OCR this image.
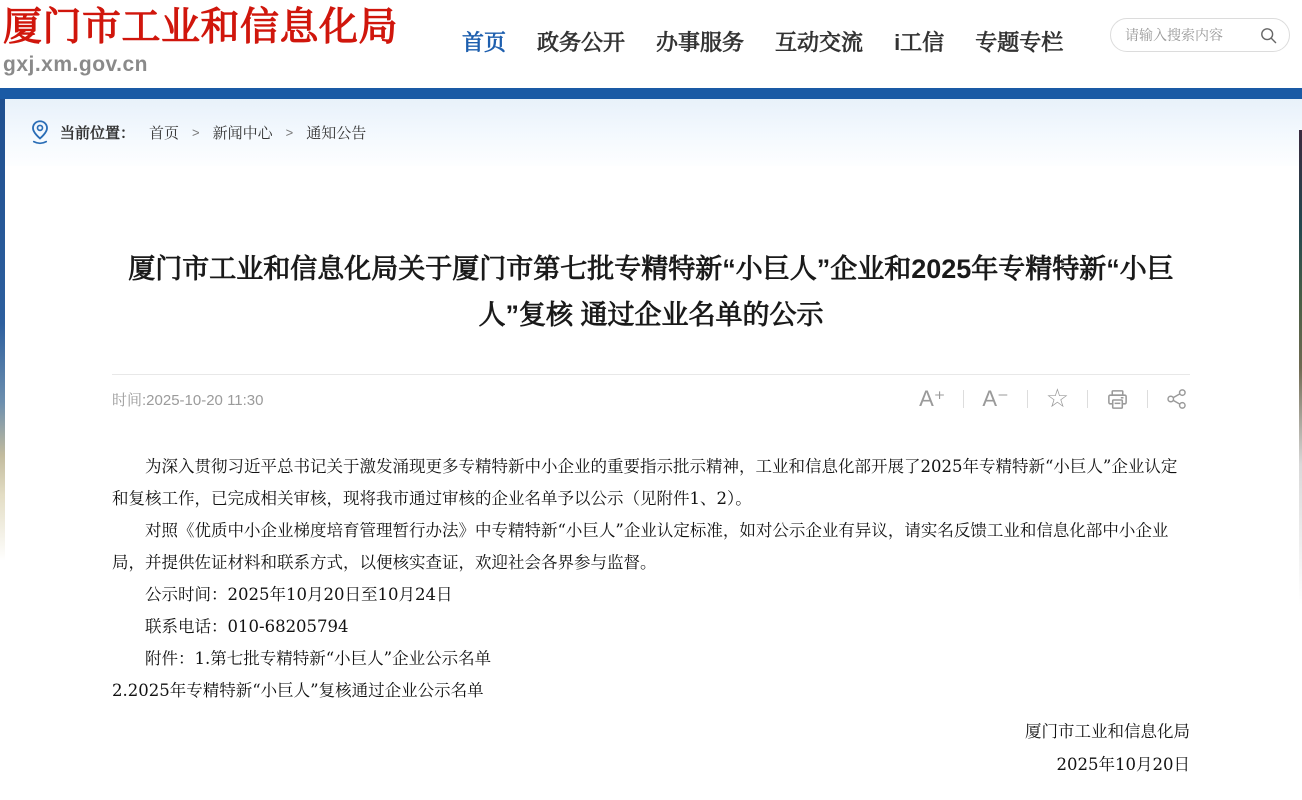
厦门市工业和信息化局
gxj.xm.gov.cn
首页 政务公开 办事服务 互动交流 i工信 专题专栏
请输入搜索内容
当前位置： 首页 > 新闻中心 > 通知公告
厦门市工业和信息化局关于厦门市第七批专精特新“小巨人”企业和2025年专精特新“小巨人”复核 通过企业名单的公示
时间:2025-10-20 11:30	A⁺ A⁻ ☆

为深入贯彻习近平总书记关于激发涌现更多专精特新中小企业的重要指示批示精神，工业和信息化部开展了2025年专精特新“小巨人”企业认定和复核工作，已完成相关审核，现将我市通过审核的企业名单予以公示（见附件1、2）。

对照《优质中小企业梯度培育管理暂行办法》中专精特新“小巨人”企业认定标准，如对公示企业有异议，请实名反馈工业和信息化部中小企业局，并提供佐证材料和联系方式，以便核实查证，欢迎社会各界参与监督。

公示时间：2025年10月20日至10月24日

联系电话：010-68205794

附件：1.第七批专精特新“小巨人”企业公示名单

2.2025年专精特新“小巨人”复核通过企业公示名单

厦门市工业和信息化局
2025年10月20日
